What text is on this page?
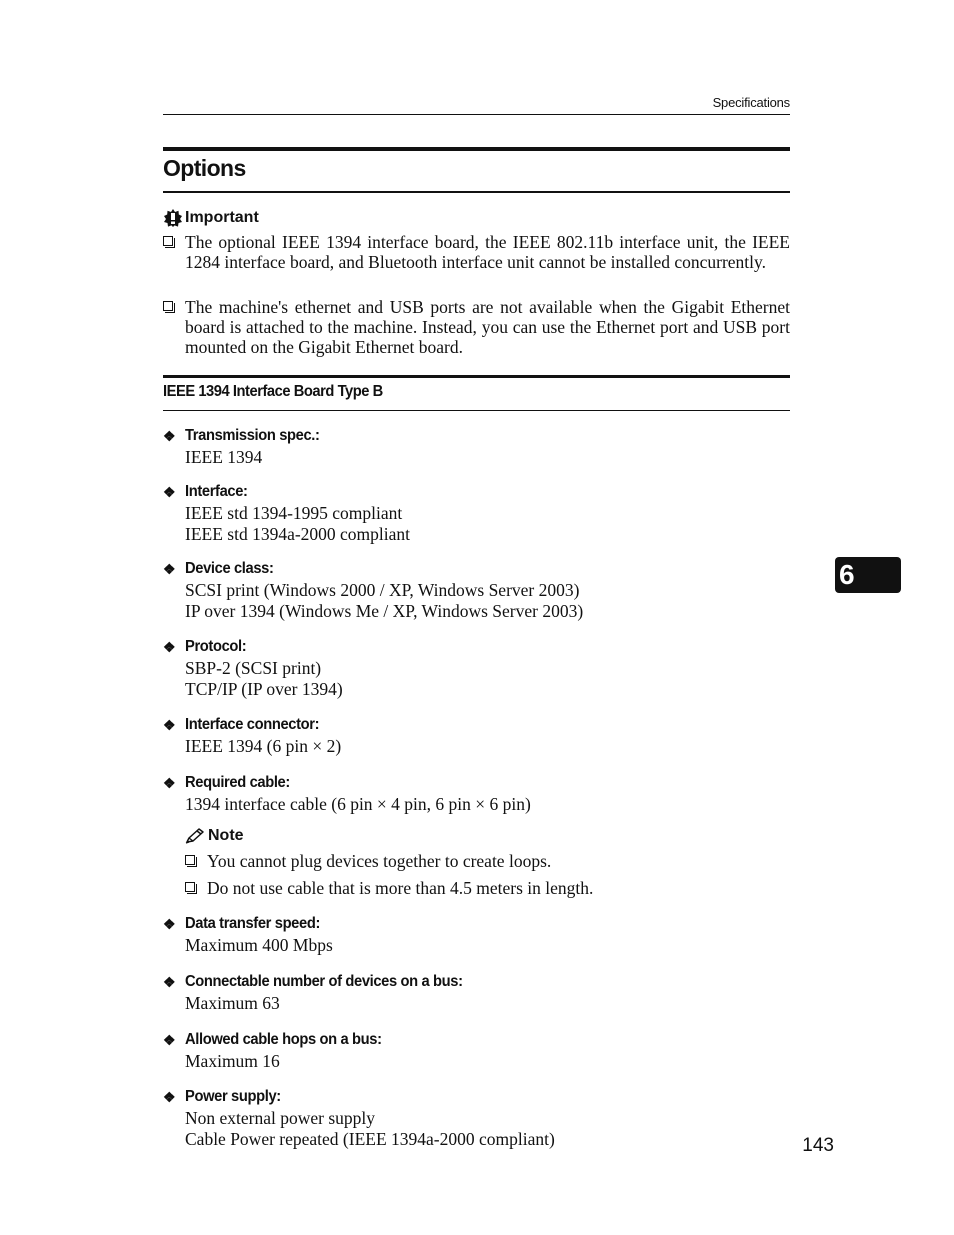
Specifications
Options
Important
The optional IEEE 1394 interface board, the IEEE 802.11b interface unit, the IEEE 1284 interface board, and Bluetooth interface unit cannot be installed concurrently.
The machine's ethernet and USB ports are not available when the Gigabit Ethernet board is attached to the machine. Instead, you can use the Ethernet port and USB port mounted on the Gigabit Ethernet board.
IEEE 1394 Interface Board Type B
❖ Transmission spec.:
IEEE 1394
❖ Interface:
IEEE std 1394-1995 compliant
IEEE std 1394a-2000 compliant
❖ Device class:
SCSI print (Windows 2000 / XP, Windows Server 2003)
IP over 1394 (Windows Me / XP, Windows Server 2003)
❖ Protocol:
SBP-2 (SCSI print)
TCP/IP (IP over 1394)
❖ Interface connector:
IEEE 1394 (6 pin × 2)
❖ Required cable:
1394 interface cable (6 pin × 4 pin, 6 pin × 6 pin)
Note
You cannot plug devices together to create loops.
Do not use cable that is more than 4.5 meters in length.
❖ Data transfer speed:
Maximum 400 Mbps
❖ Connectable number of devices on a bus:
Maximum 63
❖ Allowed cable hops on a bus:
Maximum 16
❖ Power supply:
Non external power supply
Cable Power repeated (IEEE 1394a-2000 compliant)
6
143
